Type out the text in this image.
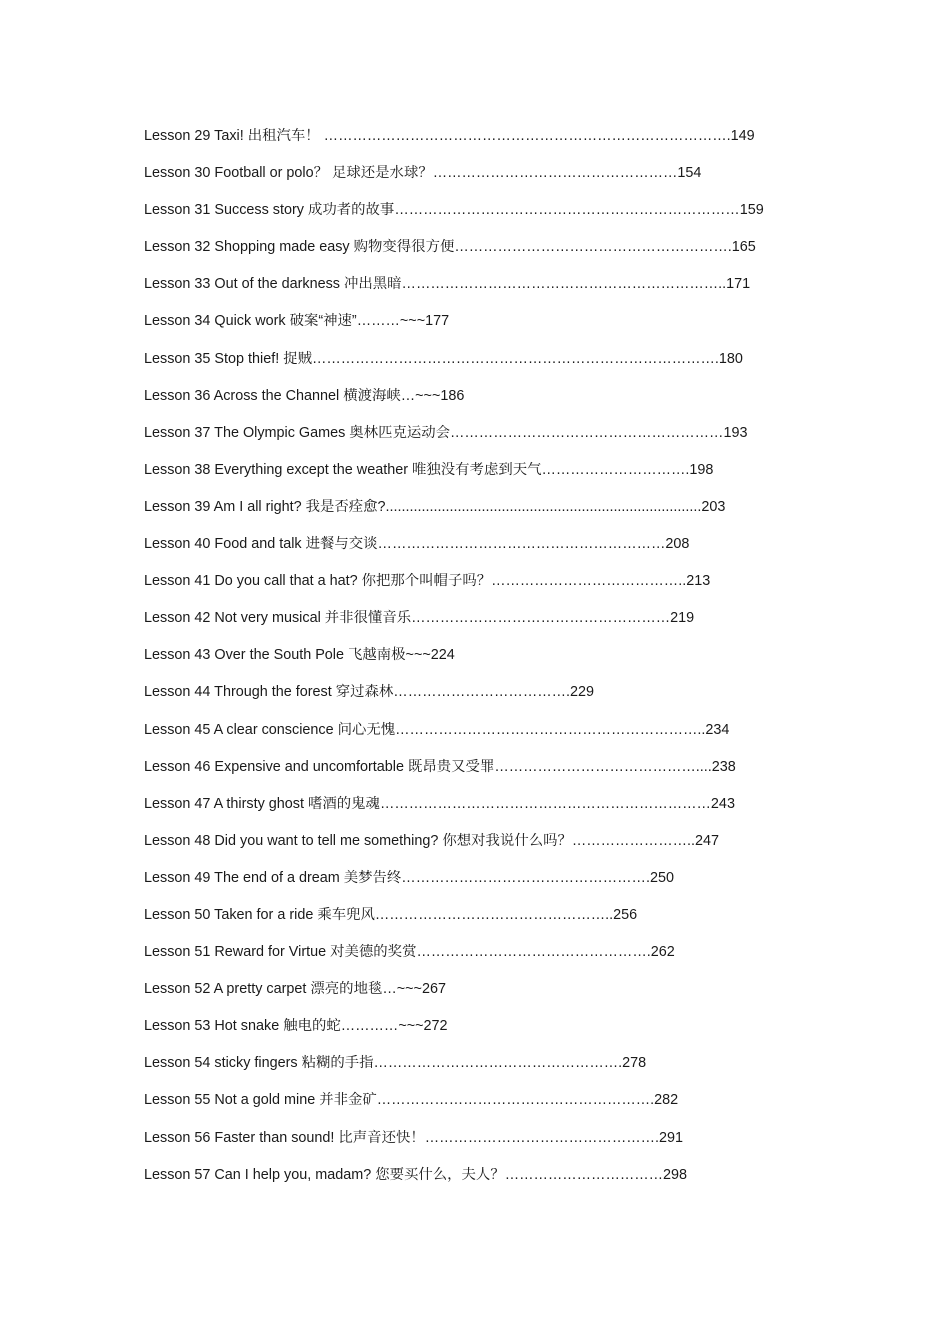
Lesson 29 Taxi! 出租汽车！ ………………………………………………………………………….149
Lesson 30 Football or polo？ 足球还是水球？……………………………………………154
Lesson 31 Success story 成功者的故事………………………………………………………………159
Lesson 32 Shopping made easy 购物变得很方便………………………………………………….165
Lesson 33 Out of the darkness 冲出黑暗…………………………………………………………..171
Lesson 34 Quick work 破案“神速”………~~~177
Lesson 35 Stop thief! 捉贼………………………………………………………………………….180
Lesson 36 Across the Channel 横渡海峡…~~~186
Lesson 37 The Olympic Games 奥林匹克运动会…………………………………………………193
Lesson 38 Everything except the weather 唯独没有考虑到天气………………………….198
Lesson 39 Am I all right? 我是否痊愈?...............................................................................203
Lesson 40 Food and talk 进餐与交谈……………………………………………………208
Lesson 41 Do you call that a hat? 你把那个叫帽子吗？…………………………………..213
Lesson 42 Not very musical 并非很懂音乐………………………………………………219
Lesson 43 Over the South Pole 飞越南极~~~224
Lesson 44 Through the forest 穿过森林……………………………….229
Lesson 45 A clear conscience 问心无愧………………………………………………………..234
Lesson 46 Expensive and uncomfortable 既昂贵又受罪……………………………………....238
Lesson 47 A thirsty ghost 嗜酒的鬼魂……………………………………………………………243
Lesson 48 Did you want to tell me something? 你想对我说什么吗？……………………..247
Lesson 49 The end of a dream 美梦告终…………………………………………….250
Lesson 50 Taken for a ride 乘车兜风…………………………………………..256
Lesson 51 Reward for Virtue 对美德的奖赏………………………………………….262
Lesson 52 A pretty carpet 漂亮的地毯…~~~267
Lesson 53 Hot snake 触电的蛇…………~~~272
Lesson 54 sticky fingers 粘糊的手指…………………………………………….278
Lesson 55 Not a gold mine 并非金矿………………………………………………….282
Lesson 56 Faster than sound! 比声音还快！………………………………………….291
Lesson 57 Can I help you, madam? 您要买什么，夫人？……………………………298
